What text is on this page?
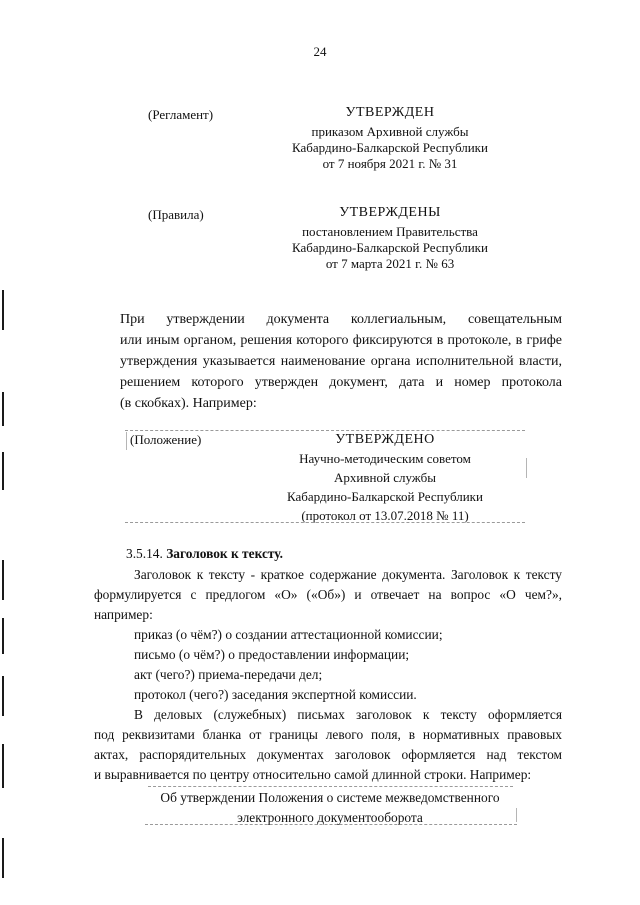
24
(Регламент)	УТВЕРЖДЕН
приказом Архивной службы
Кабардино-Балкарской Республики
от 7 ноября 2021 г. № 31
(Правила)	УТВЕРЖДЕНЫ
постановлением Правительства
Кабардино-Балкарской Республики
от 7 марта 2021 г. № 63
При утверждении документа коллегиальным, совещательным
или иным органом, решения которого фиксируются в протоколе, в грифе
утверждения указывается наименование органа исполнительной власти,
решением которого утвержден документ, дата и номер протокола
(в скобках). Например:
(Положение)	УТВЕРЖДЕНО
Научно-методическим советом
Архивной службы
Кабардино-Балкарской Республики
(протокол от 13.07.2018 № 11)
3.5.14. Заголовок к тексту.
Заголовок к тексту - краткое содержание документа. Заголовок к тексту
формулируется с предлогом «О» («Об») и отвечает на вопрос «О чем?»,
например:
приказ (о чём?) о создании аттестационной комиссии;
письмо (о чём?) о предоставлении информации;
акт (чего?) приема-передачи дел;
протокол (чего?) заседания экспертной комиссии.
В деловых (служебных) письмах заголовок к тексту оформляется
под реквизитами бланка от границы левого поля, в нормативных правовых
актах, распорядительных документах заголовок оформляется над текстом
и выравнивается по центру относительно самой длинной строки. Например:
Об утверждении Положения о системе межведомственного
электронного документооборота
